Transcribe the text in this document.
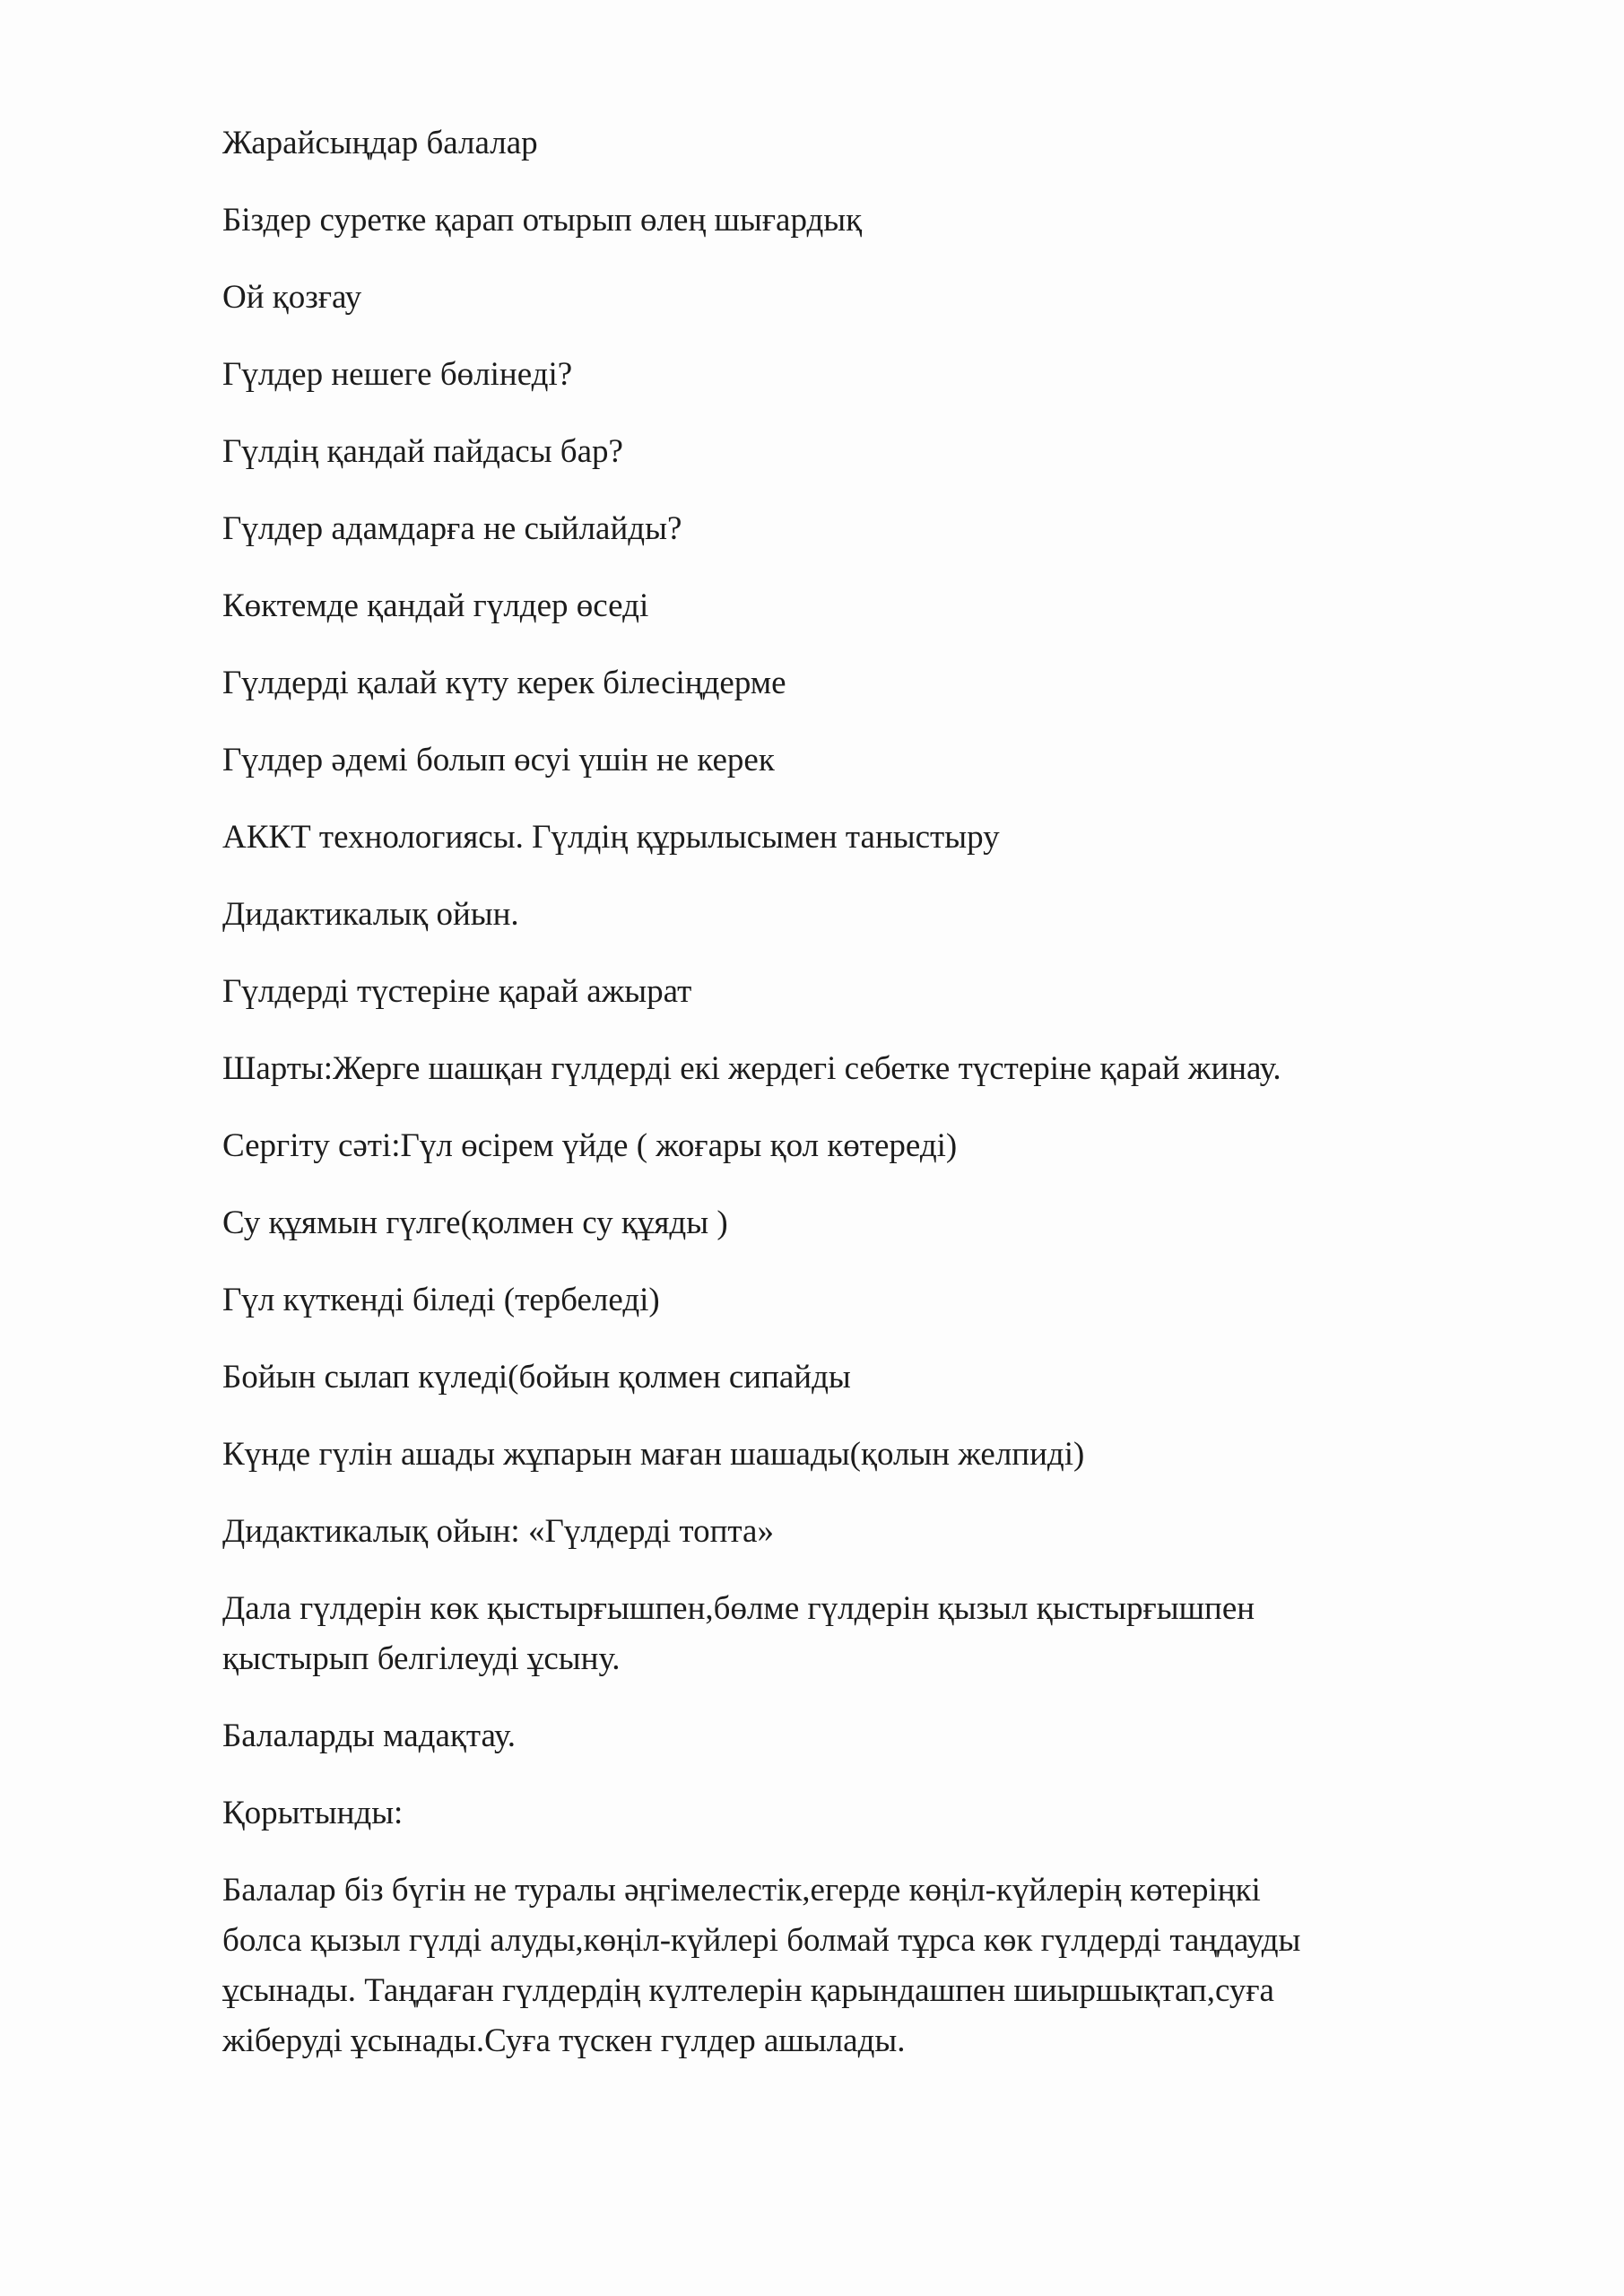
Жарайсыңдар балалар
Біздер суретке қарап отырып өлең шығардық
Ой қозғау
Гүлдер нешеге бөлінеді?
Гүлдің қандай пайдасы бар?
Гүлдер адамдарға не сыйлайды?
Көктемде қандай гүлдер өседі
Гүлдерді қалай күту керек білесіңдерме
Гүлдер әдемі болып өсуі үшін не керек
АККТ технологиясы. Гүлдің құрылысымен таныстыру
Дидактикалық ойын.
Гүлдерді түстеріне қарай ажырат
Шарты:Жерге шашқан гүлдерді екі жердегі себетке түстеріне қарай жинау.
Сергіту сәті:Гүл өсірем үйде ( жоғары қол көтереді)
Су құямын гүлге(қолмен су құяды )
Гүл күткенді біледі (тербеледі)
Бойын сылап күледі(бойын қолмен сипайды
Күнде гүлін ашады жұпарын маған шашады(қолын желпиді)
Дидактикалық ойын: «Гүлдерді топта»
Дала гүлдерін көк қыстырғышпен,бөлме гүлдерін қызыл қыстырғышпен
қыстырып белгілеуді ұсыну.
Балаларды мадақтау.
Қорытынды:
Балалар біз бүгін не туралы әңгімелестік,егерде көңіл-күйлерің көтеріңкі
болса қызыл гүлді алуды,көңіл-күйлері болмай тұрса көк гүлдерді таңдауды
ұсынады. Таңдаған гүлдердің күлтелерін қарындашпен шиыршықтап,суға
жіберуді ұсынады.Суға түскен гүлдер ашылады.
